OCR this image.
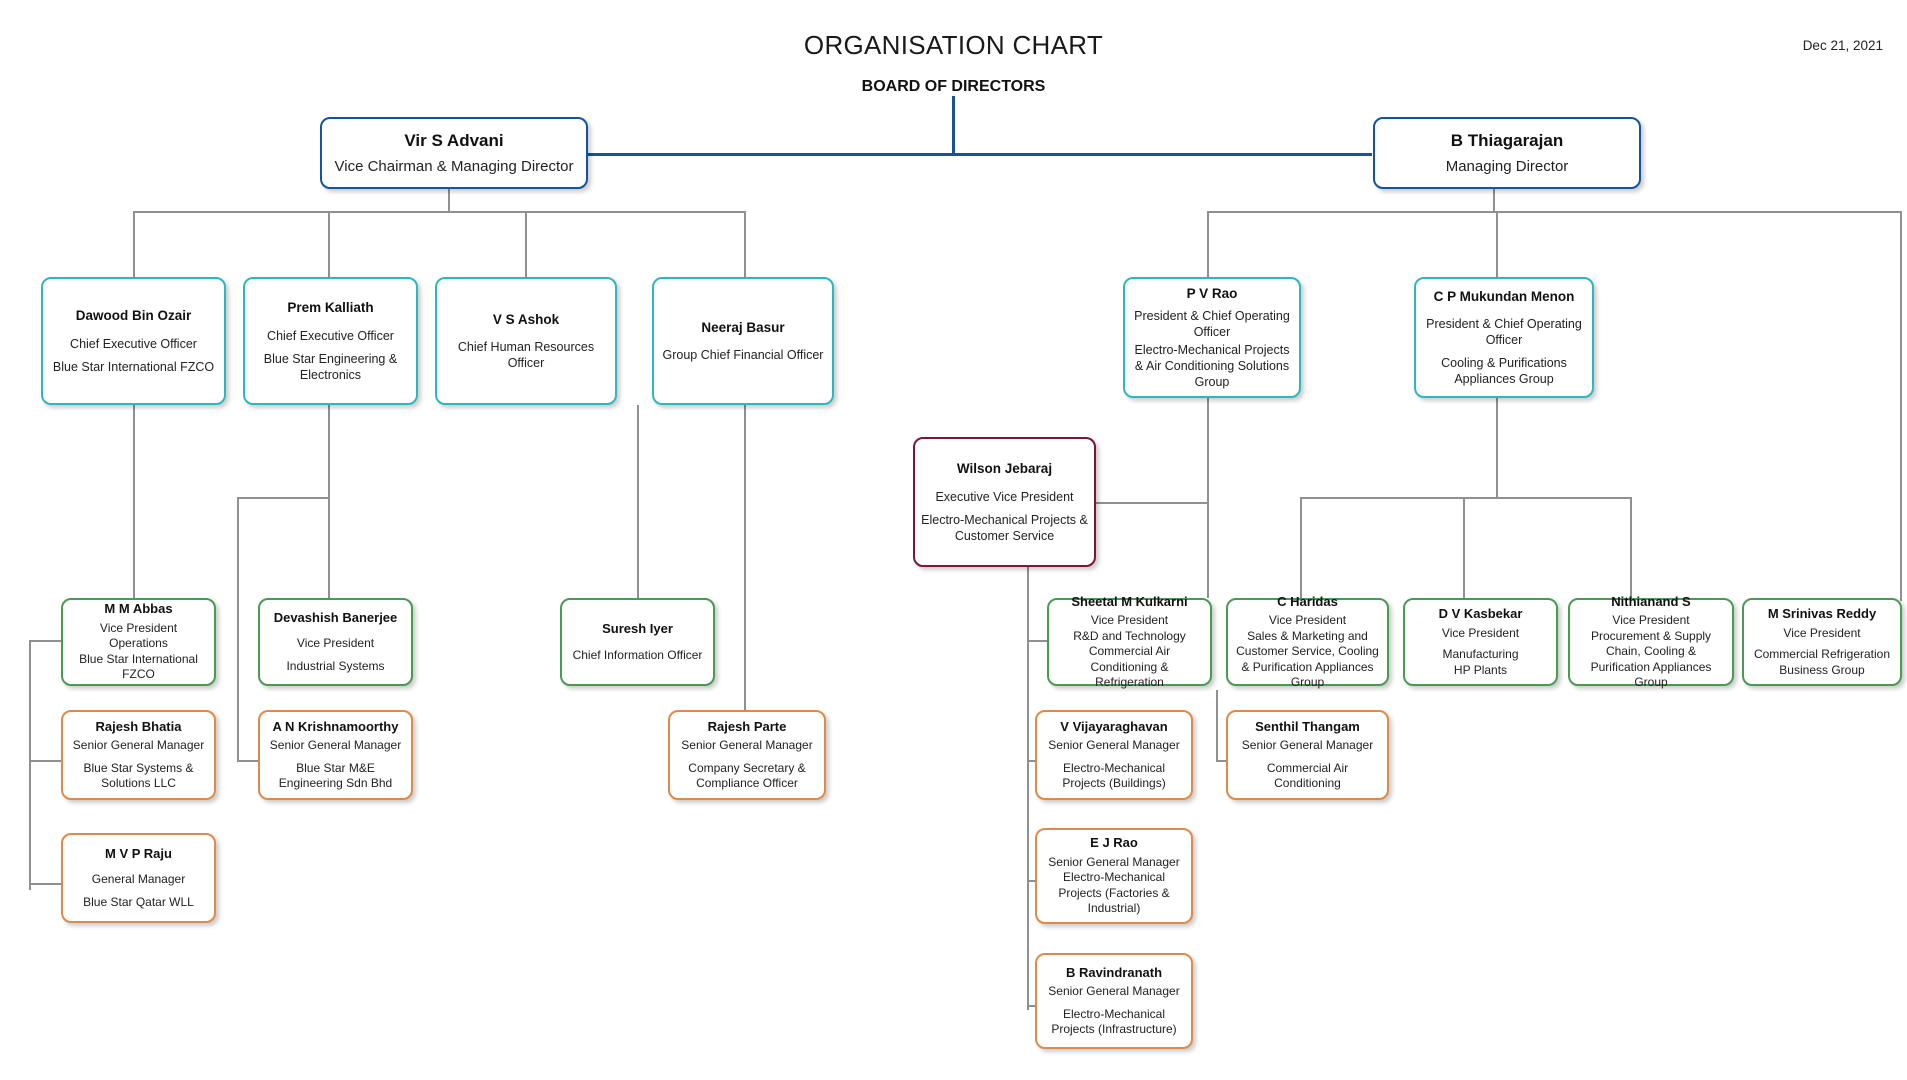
ORGANISATION CHART	Dec 21, 2021
BOARD OF DIRECTORS
Vir S Advani
Vice Chairman & Managing Director
B Thiagarajan
Managing Director
Dawood Bin Ozair
Chief Executive Officer
Blue Star International FZCO
Prem Kalliath
Chief Executive Officer
Blue Star Engineering & Electronics
V S Ashok
Chief Human Resources Officer
Neeraj Basur
Group Chief Financial Officer
P V Rao
President & Chief Operating Officer
Electro-Mechanical Projects & Air Conditioning Solutions Group
C P Mukundan Menon
President & Chief Operating Officer
Cooling & Purifications Appliances Group
Wilson Jebaraj
Executive Vice President
Electro-Mechanical Projects & Customer Service
M M Abbas
Vice President
Operations
Blue Star International FZCO
Devashish Banerjee
Vice President
Industrial Systems
Suresh Iyer
Chief Information Officer
Sheetal M Kulkarni
Vice President
R&D and Technology
Commercial Air Conditioning & Refrigeration
C Haridas
Vice President
Sales & Marketing and Customer Service, Cooling & Purification Appliances Group
D V Kasbekar
Vice President
Manufacturing
HP Plants
Nithianand S
Vice President
Procurement & Supply Chain, Cooling & Purification Appliances Group
M Srinivas Reddy
Vice President
Commercial Refrigeration Business Group
Rajesh Bhatia
Senior General Manager
Blue Star Systems & Solutions LLC
A N Krishnamoorthy
Senior General Manager
Blue Star M&E Engineering Sdn Bhd
Rajesh Parte
Senior General Manager
Company Secretary & Compliance Officer
V Vijayaraghavan
Senior General Manager
Electro-Mechanical Projects (Buildings)
Senthil Thangam
Senior General Manager
Commercial Air Conditioning
M V P Raju
General Manager
Blue Star Qatar WLL
E J Rao
Senior General Manager
Electro-Mechanical Projects (Factories & Industrial)
B Ravindranath
Senior General Manager
Electro-Mechanical Projects (Infrastructure)
